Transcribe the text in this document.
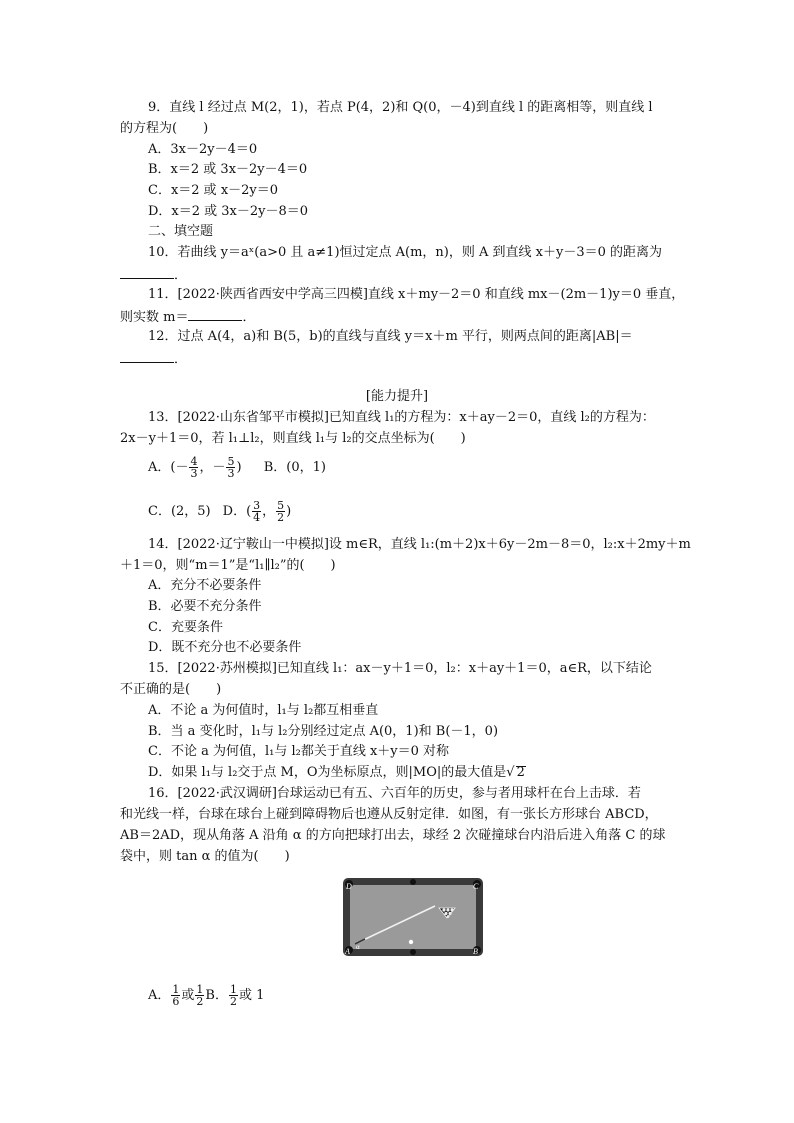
9．直线 l 经过点 M(2，1)，若点 P(4，2)和 Q(0，－4)到直线 l 的距离相等，则直线 l
的方程为(　　)
A．3x－2y－4＝0
B．x＝2 或 3x－2y－4＝0
C．x＝2 或 x－2y＝0
D．x＝2 或 3x－2y－8＝0
二、填空题
10．若曲线 y＝aˣ(a>0 且 a≠1)恒过定点 A(m，n)，则 A 到直线 x＋y－3＝0 的距离为
．
11．[2022·陕西省西安中学高三四模]直线 x＋my－2＝0 和直线 mx－(2m－1)y＝0 垂直，
则实数 m＝	．
12．过点 A(4，a)和 B(5，b)的直线与直线 y＝x＋m 平行，则两点间的距离|AB|＝
．
[能力提升]
13．[2022·山东省邹平市模拟]已知直线 l₁的方程为：x＋ay－2＝0，直线 l₂的方程为：
2x－y＋1＝0，若 l₁⊥l₂，则直线 l₁与 l₂的交点坐标为(　　)
A．(－ $\frac{4}{3}$ ，－ $\frac{5}{3}$ ) B．(0，1)
C．(2，5) D．( $\frac{3}{4}$ ， $\frac{5}{2}$ )
14．[2022·辽宁鞍山一中模拟]设 m∈R，直线 l₁:(m＋2)x＋6y－2m－8＝0，l₂:x＋2my＋m
＋1＝0，则“m＝1”是“l₁∥l₂”的(　　)
A．充分不必要条件
B．必要不充分条件
C．充要条件
D．既不充分也不必要条件
15．[2022·苏州模拟]已知直线 l₁：ax－y＋1＝0，l₂：x＋ay＋1＝0，a∈R，以下结论
不正确的是(　　)
A．不论 a 为何值时，l₁与 l₂都互相垂直
B．当 a 变化时，l₁与 l₂分别经过定点 A(0，1)和 B(－1，0)
C．不论 a 为何值，l₁与 l₂都关于直线 x＋y＝0 对称
D．如果 l₁与 l₂交于点 M，O为坐标原点，则|MO|的最大值是√ 2
16．[2022·武汉调研]台球运动已有五、六百年的历史，参与者用球杆在台上击球．若
和光线一样，台球在球台上碰到障碍物后也遵从反射定律．如图，有一张长方形球台 ABCD，
AB＝2AD，现从角落 A 沿角 α 的方向把球打出去，球经 2 次碰撞球台内沿后进入角落 C 的球
袋中，则 tan α 的值为(　　)
D	C
A	B
α
A． $\frac{1}{6}$ 或 $\frac{1}{2}$ B． $\frac{1}{2}$ 或 1
